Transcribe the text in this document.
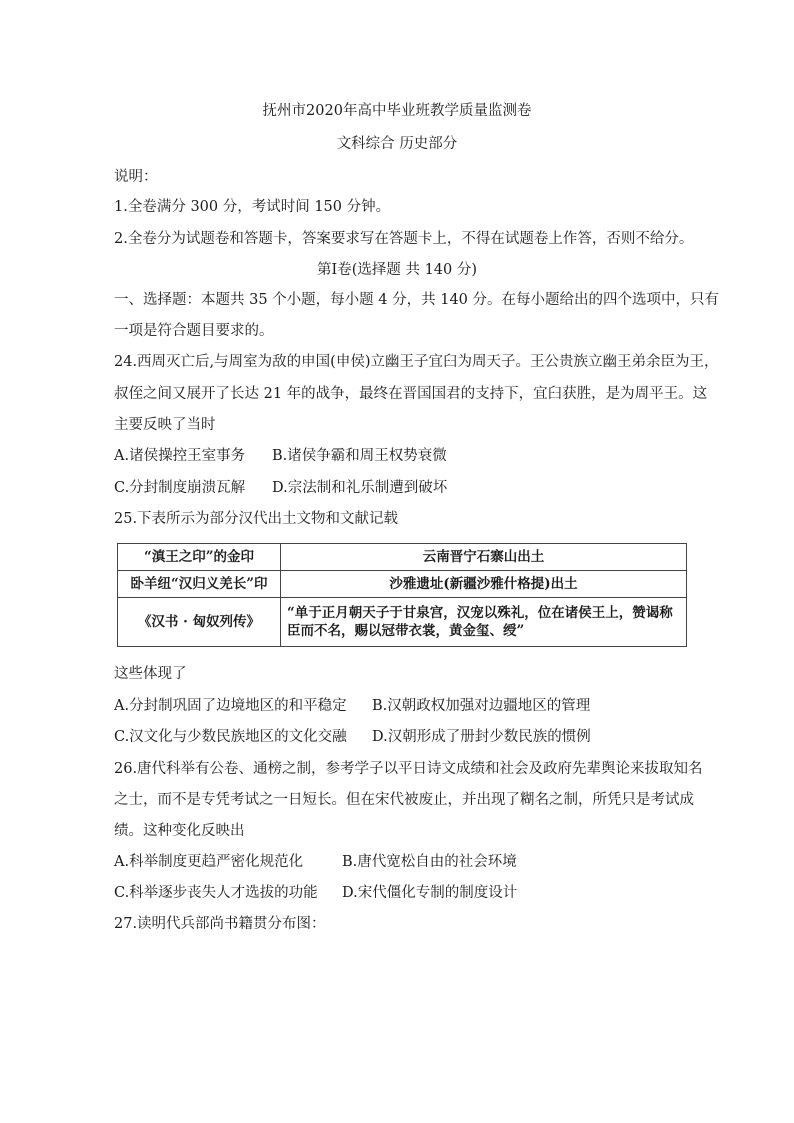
抚州市2020年高中毕业班教学质量监测卷
文科综合 历史部分
说明：
1.全卷满分 300 分，考试时间 150 分钟。
2.全卷分为试题卷和答题卡，答案要求写在答题卡上，不得在试题卷上作答，否则不给分。
第Ⅰ卷(选择题 共 140 分)
一、选择题：本题共 35 个小题，每小题 4 分，共 140 分。在每小题给出的四个选项中，只有
一项是符合题目要求的。
24.西周灭亡后,与周室为敌的申国(申侯)立幽王子宜臼为周天子。王公贵族立幽王弟余臣为王，
叔侄之间又展开了长达 21 年的战争，最终在晋国国君的支持下，宜臼获胜，是为周平王。这
主要反映了当时
A.诸侯操控王室事务 B.诸侯争霸和周王权势衰微
C.分封制度崩溃瓦解 D.宗法制和礼乐制遭到破坏
25.下表所示为部分汉代出土文物和文献记载
“滇王之印”的金印	云南晋宁石寨山出土
卧羊纽“汉归义羌长”印	沙雅遗址(新疆沙雅什格提)出土
《汉书 · 匈奴列传》	“单于正月朝天子于甘泉宫，汉宠以殊礼，位在诸侯王上，赞谒称臣而不名，赐以冠带衣裳，黄金玺、绶”
这些体现了
A.分封制巩固了边境地区的和平稳定 B.汉朝政权加强对边疆地区的管理
C.汉文化与少数民族地区的文化交融 D.汉朝形成了册封少数民族的惯例
26.唐代科举有公卷、通榜之制，参考学子以平日诗文成绩和社会及政府先辈舆论来拔取知名
之士，而不是专凭考试之一日短长。但在宋代被废止，并出现了糊名之制，所凭只是考试成
绩。这种变化反映出
A.科举制度更趋严密化规范化	B.唐代宽松自由的社会环境
C.科举逐步丧失人才选拔的功能 D.宋代僵化专制的制度设计
27.读明代兵部尚书籍贯分布图：
